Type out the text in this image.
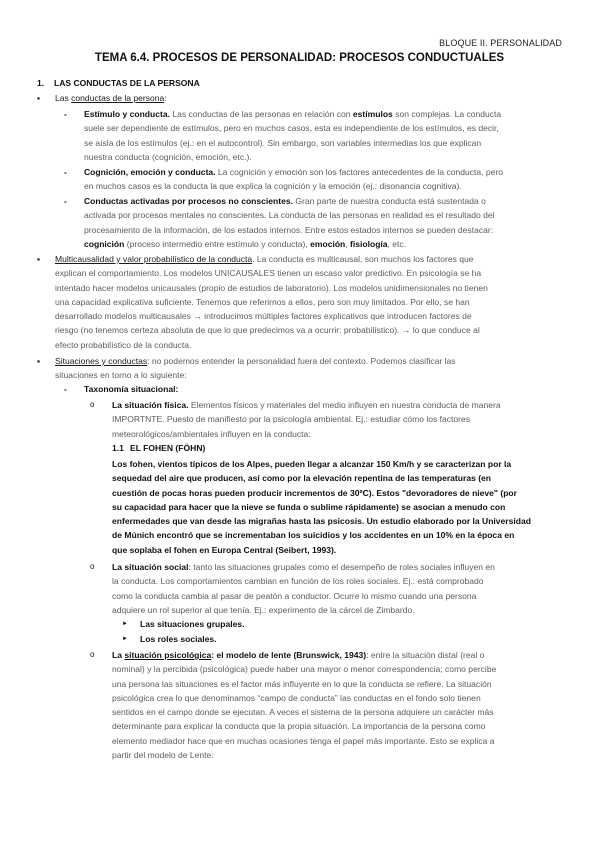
BLOQUE II. PERSONALIDAD
TEMA 6.4. PROCESOS DE PERSONALIDAD: PROCESOS CONDUCTUALES
1. LAS CONDUCTAS DE LA PERSONA
▪ Las conductas de la persona:
- Estímulo y conducta. Las conductas de las personas en relación con estímulos son complejas. La conducta
suele ser dependiente de estímulos, pero en muchos casos, esta es independiente de los estímulos, es decir,
se aísla de los estímulos (ej.: en el autocontrol). Sin embargo, son variables intermedias los que explican
nuestra conducta (cognición, emoción, etc.).
- Cognición, emoción y conducta. La cognición y emoción son los factores antecedentes de la conducta, pero
en muchos casos es la conducta la que explica la cognición y la emoción (ej.: disonancia cognitiva).
- Conductas activadas por procesos no conscientes. Gran parte de nuestra conducta está sustentada o
activada por procesos mentales no conscientes. La conducta de las personas en realidad es el resultado del
procesamiento de la información, de los estados internos. Entre estos estados internos se pueden destacar:
cognición (proceso intermedio entre estímulo y conducta), emoción, fisiología, etc.
▪ Multicausalidad y valor probabilístico de la conducta. La conducta es multicausal, son muchos los factores que
explican el comportamiento. Los modelos UNICAUSALES tienen un escaso valor predictivo. En psicología se ha
intentado hacer modelos unicausales (propio de estudios de laboratorio). Los modelos unidimensionales no tienen
una capacidad explicativa suficiente. Tenemos que referirnos a ellos, pero son muy limitados. Por ello, se han
desarrollado modelos multicausales → introducimos múltiples factores explicativos que introducen factores de
riesgo (no tenemos certeza absoluta de que lo que predecimos va a ocurrir: probabilístico). → lo que conduce al
efecto probabilístico de la conducta.
▪ Situaciones y conductas: no podemos entender la personalidad fuera del contexto. Podemos clasificar las
situaciones en torno a lo siguiente:
- Taxonomía situacional:
o La situación física. Elementos físicos y materiales del medio influyen en nuestra conducta de manera
IMPORTNTE. Puesto de manifiesto por la psicología ambiental. Ej.: estudiar cómo los factores
meteorológicos/ambientales influyen en la conducta:
1.1 EL FOHEN (FÖHN)
Los fohen, vientos típicos de los Alpes, pueden llegar a alcanzar 150 Km/h y se caracterizan por la
sequedad del aire que producen, así como por la elevación repentina de las temperaturas (en
cuestión de pocas horas pueden producir incrementos de 30ºC). Estos "devoradores de nieve" (por
su capacidad para hacer que la nieve se funda o sublime rápidamente) se asocian a menudo con
enfermedades que van desde las migrañas hasta las psicosis. Un estudio elaborado por la Universidad
de Múnich encontró que se incrementaban los suicidios y los accidentes en un 10% en la época en
que soplaba el fohen en Europa Central (Seibert, 1993).
o La situación social: tanto las situaciones grupales como el desempeño de roles sociales influyen en
la conducta. Los comportamientos cambian en función de los roles sociales. Ej.: está comprobado
como la conducta cambia al pasar de peatón a conductor. Ocurre lo mismo cuando una persona
adquiere un rol superior al que tenía. Ej.: experimento de la cárcel de Zimbardo.
► Las situaciones grupales.
► Los roles sociales.
o La situación psicológica: el modelo de lente (Brunswick, 1943): entre la situación distal (real o
nominal) y la percibida (psicológica) puede haber una mayor o menor correspondencia; como percibe
una persona las situaciones es el factor más influyente en lo que la conducta se refiere. La situación
psicológica crea lo que denominamos “campo de conducta” las conductas en el fondo solo tienen
sentidos en el campo donde se ejecutan. A veces el sistema de la persona adquiere un carácter más
determinante para explicar la conducta que la propia situación. La importancia de la persona como
elemento mediador hace que en muchas ocasiones tenga el papel más importante. Esto se explica a
partir del modelo de Lente:
